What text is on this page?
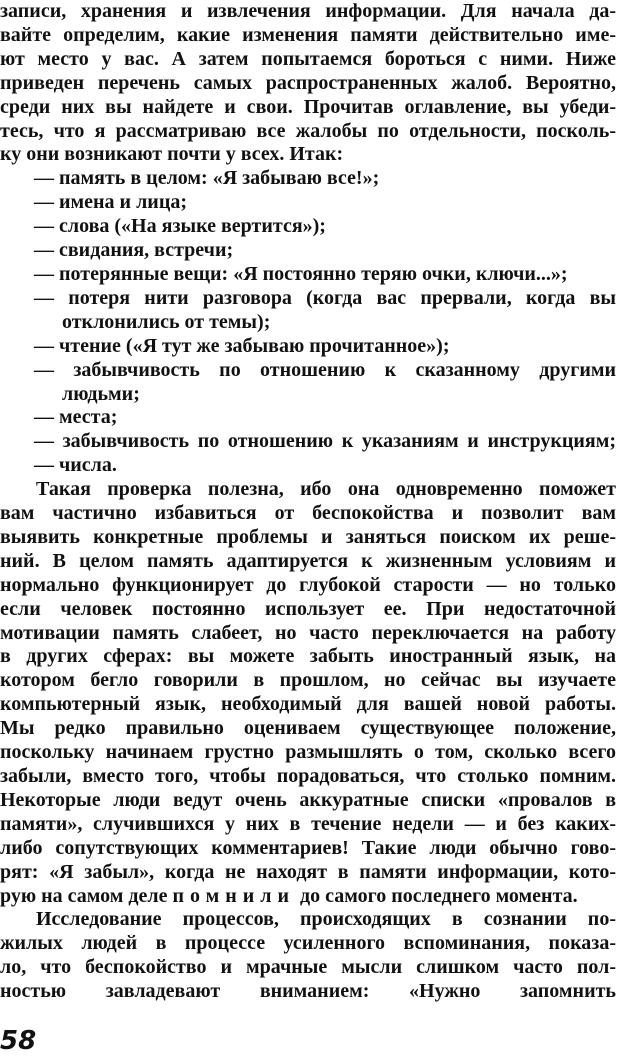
записи, хранения и извлечения информации. Для начала да-
вайте определим, какие изменения памяти действительно име-
ют место у вас. А затем попытаемся бороться с ними. Ниже
приведен перечень самых распространенных жалоб. Вероятно,
среди них вы найдете и свои. Прочитав оглавление, вы убеди-
тесь, что я рассматриваю все жалобы по отдельности, посколь-
ку они возникают почти у всех. Итак:
— память в целом: «Я забываю все!»;
— имена и лица;
— слова («На языке вертится»);
— свидания, встречи;
— потерянные вещи: «Я постоянно теряю очки, ключи...»;
— потеря нити разговора (когда вас прервали, когда вы
отклонились от темы);
— чтение («Я тут же забываю прочитанное»);
— забывчивость по отношению к сказанному другими
людьми;
— места;
— забывчивость по отношению к указаниям и инструкциям;
— числа.
Такая проверка полезна, ибо она одновременно поможет
вам частично избавиться от беспокойства и позволит вам
выявить конкретные проблемы и заняться поиском их реше-
ний. В целом память адаптируется к жизненным условиям и
нормально функционирует до глубокой старости — но только
если человек постоянно использует ее. При недостаточной
мотивации память слабеет, но часто переключается на работу
в других сферах: вы можете забыть иностранный язык, на
котором бегло говорили в прошлом, но сейчас вы изучаете
компьютерный язык, необходимый для вашей новой работы.
Мы редко правильно оцениваем существующее положение,
поскольку начинаем грустно размышлять о том, сколько всего
забыли, вместо того, чтобы порадоваться, что столько помним.
Некоторые люди ведут очень аккуратные списки «провалов в
памяти», случившихся у них в течение недели — и без каких-
либо сопутствующих комментариев! Такие люди обычно гово-
рят: «Я забыл», когда не находят в памяти информации, кото-
рую на самом деле помнили до самого последнего момента.
Исследование процессов, происходящих в сознании по-
жилых людей в процессе усиленного вспоминания, показа-
ло, что беспокойство и мрачные мысли слишком часто пол-
ностью завладевают вниманием: «Нужно запомнить
58
